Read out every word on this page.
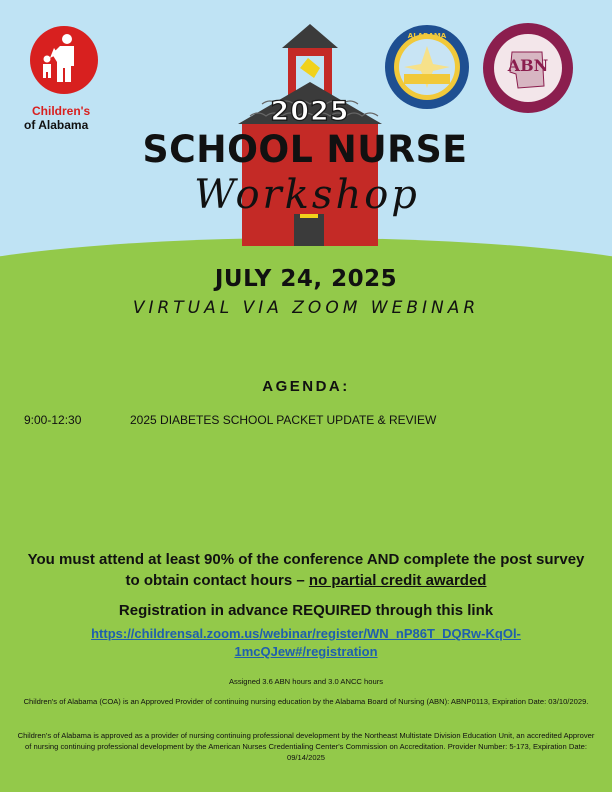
Children's
of Alabama
ALABAMA
ABN
2025
SCHOOL NURSE
Workshop
JULY 24, 2025
VIRTUAL VIA ZOOM WEBINAR
AGENDA:
9:00-12:30	2025 DIABETES SCHOOL PACKET UPDATE & REVIEW
You must attend at least 90% of the conference AND complete the post survey to obtain contact hours – no partial credit awarded
Registration in advance REQUIRED through this link
https://childrensal.zoom.us/webinar/register/WN_nP86T_DQRw-KqOl-1mcQJew#/registration
Assigned 3.6 ABN hours and 3.0 ANCC hours
Children's of Alabama (COA) is an Approved Provider of continuing nursing education by the Alabama Board of Nursing (ABN): ABNP0113, Expiration Date: 03/10/2029.
Children's of Alabama is approved as a provider of nursing continuing professional development by the Northeast Multistate Division Education Unit, an accredited Approver of nursing continuing professional development by the American Nurses Credentialing Center's Commission on Accreditation. Provider Number: 5-173, Expiration Date: 09/14/2025
